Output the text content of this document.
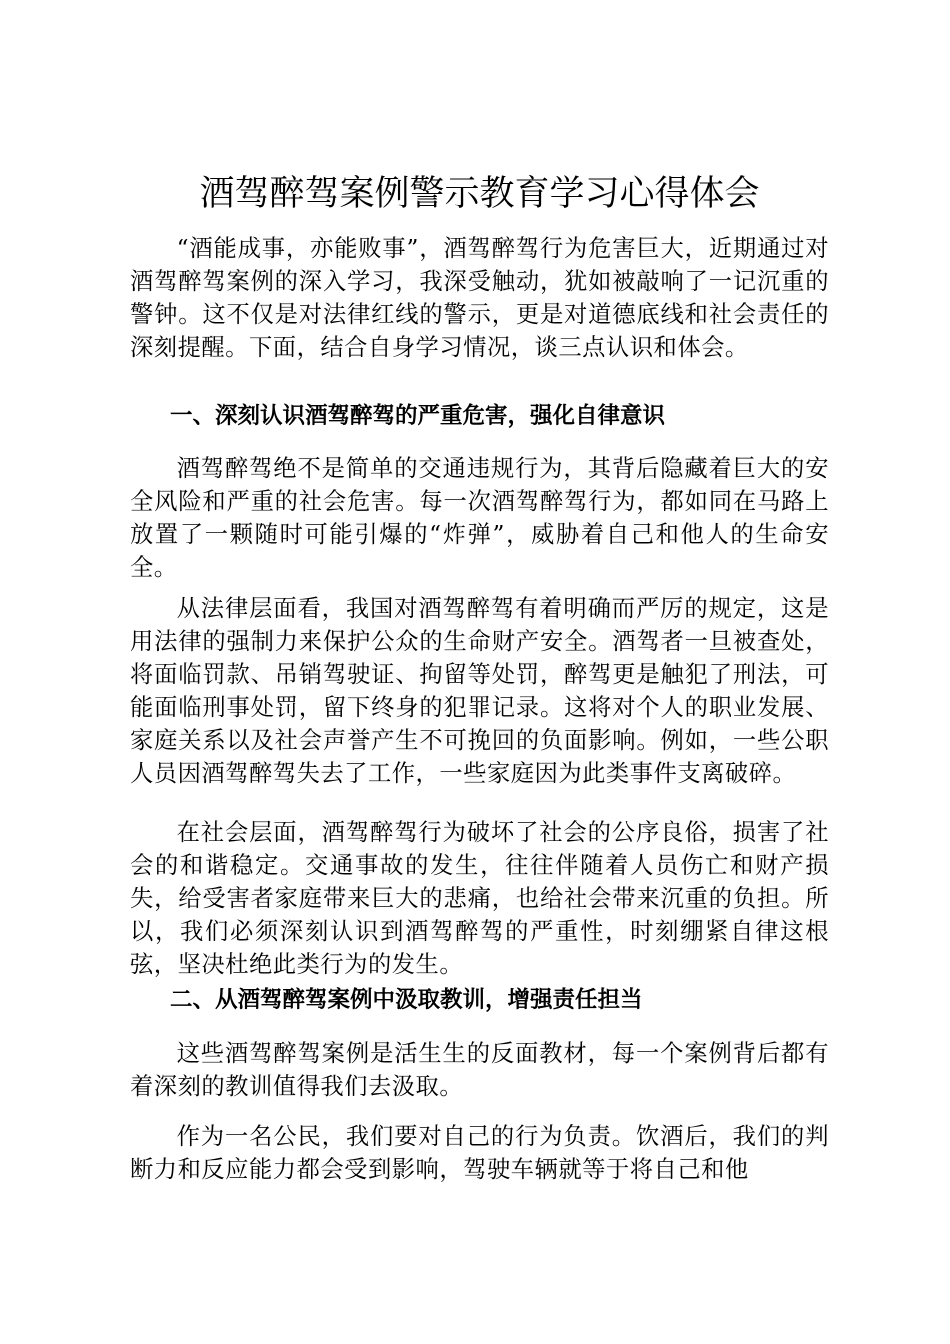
酒驾醉驾案例警示教育学习心得体会

“酒能成事，亦能败事”，酒驾醉驾行为危害巨大，近期通过对酒驾醉驾案例的深入学习，我深受触动，犹如被敲响了一记沉重的警钟。这不仅是对法律红线的警示，更是对道德底线和社会责任的深刻提醒。下面，结合自身学习情况，谈三点认识和体会。

一、深刻认识酒驾醉驾的严重危害，强化自律意识

酒驾醉驾绝不是简单的交通违规行为，其背后隐藏着巨大的安全风险和严重的社会危害。每一次酒驾醉驾行为，都如同在马路上放置了一颗随时可能引爆的“炸弹”，威胁着自己和他人的生命安全。

从法律层面看，我国对酒驾醉驾有着明确而严厉的规定，这是用法律的强制力来保护公众的生命财产安全。酒驾者一旦被查处，将面临罚款、吊销驾驶证、拘留等处罚，醉驾更是触犯了刑法，可能面临刑事处罚，留下终身的犯罪记录。这将对个人的职业发展、家庭关系以及社会声誉产生不可挽回的负面影响。例如，一些公职人员因酒驾醉驾失去了工作，一些家庭因为此类事件支离破碎。

在社会层面，酒驾醉驾行为破坏了社会的公序良俗，损害了社会的和谐稳定。交通事故的发生，往往伴随着人员伤亡和财产损失，给受害者家庭带来巨大的悲痛，也给社会带来沉重的负担。所以，我们必须深刻认识到酒驾醉驾的严重性，时刻绷紧自律这根弦，坚决杜绝此类行为的发生。

二、从酒驾醉驾案例中汲取教训，增强责任担当

这些酒驾醉驾案例是活生生的反面教材，每一个案例背后都有着深刻的教训值得我们去汲取。

作为一名公民，我们要对自己的行为负责。饮酒后，我们的判断力和反应能力都会受到影响，驾驶车辆就等于将自己和他
